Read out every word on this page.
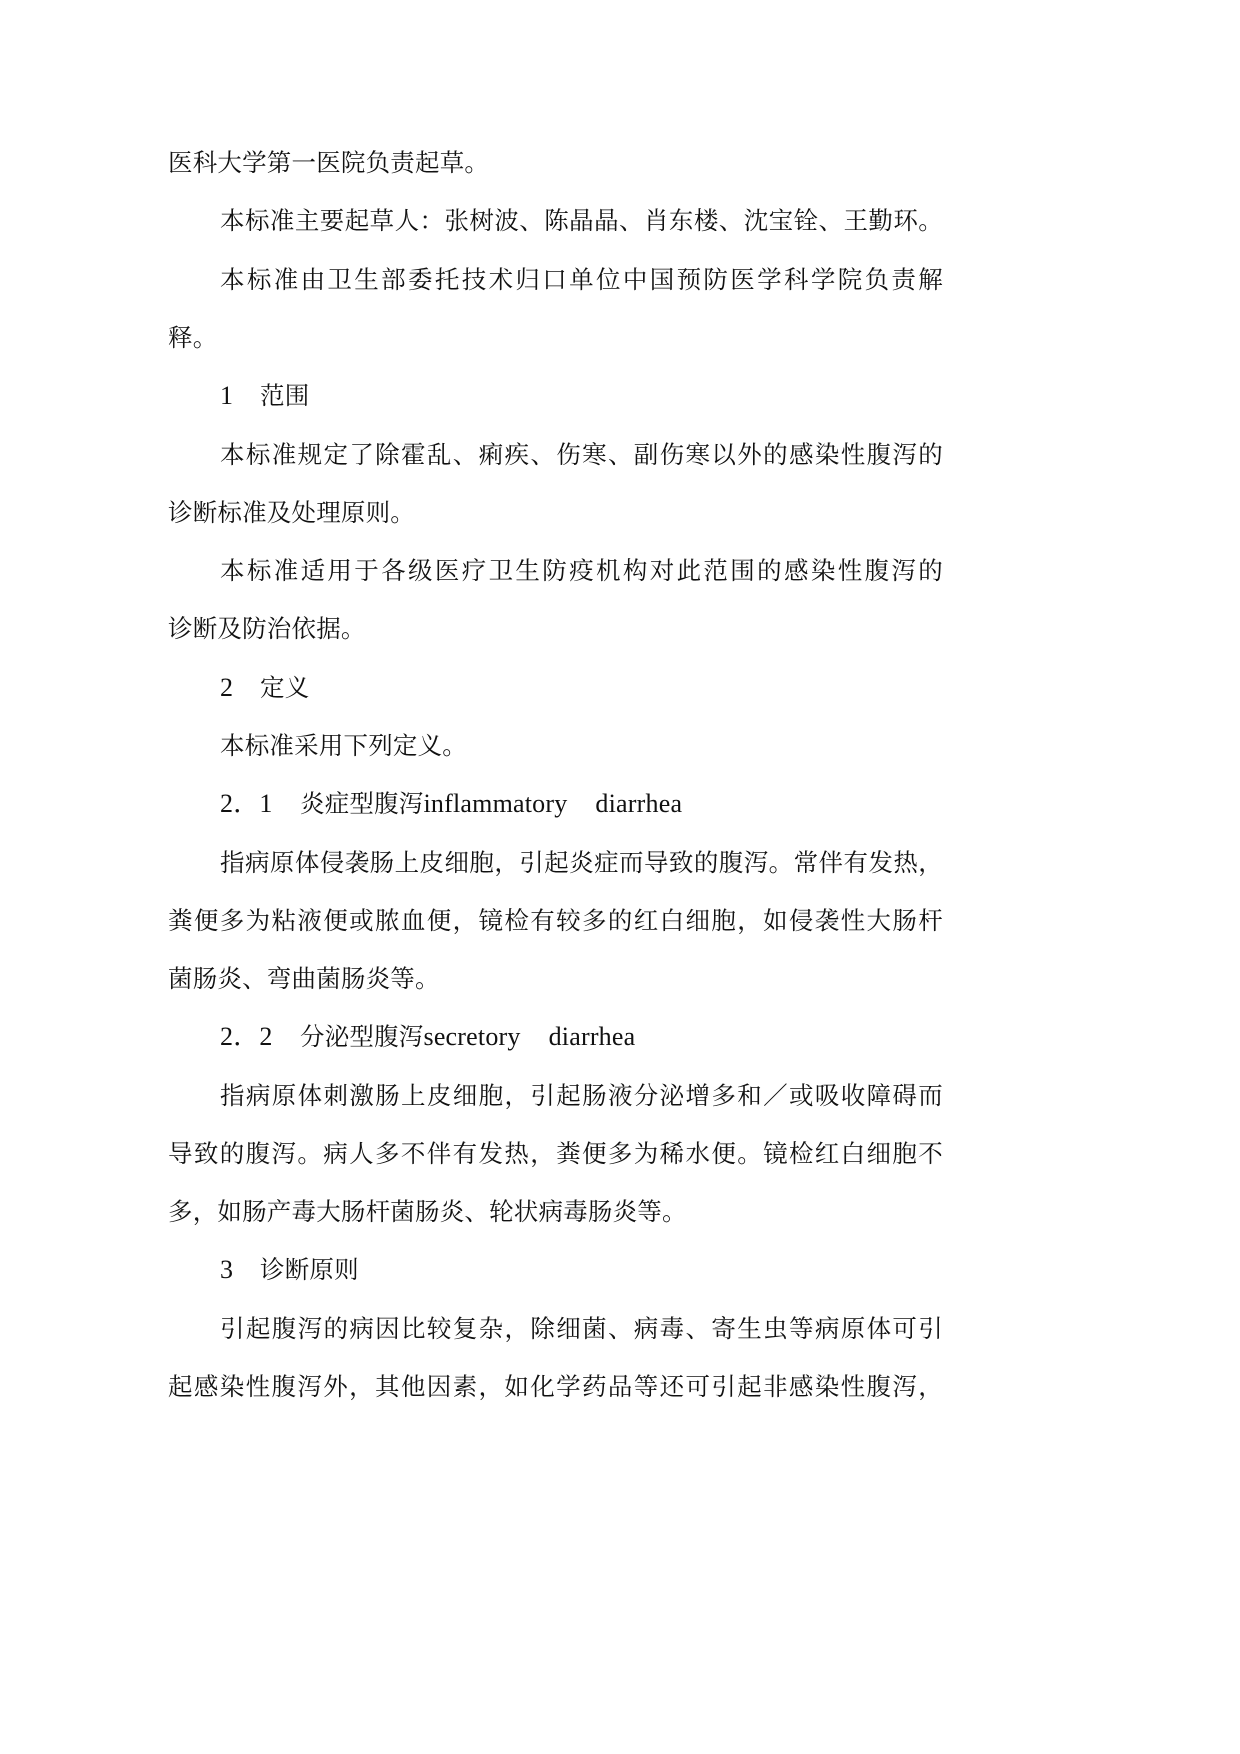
医科大学第一医院负责起草。
本标准主要起草人：张树波、陈晶晶、肖东楼、沈宝铨、王勤环。
本标准由卫生部委托技术归口单位中国预防医学科学院负责解
释。
1 范围
本标准规定了除霍乱、痢疾、伤寒、副伤寒以外的感染性腹泻的
诊断标准及处理原则。
本标准适用于各级医疗卫生防疫机构对此范围的感染性腹泻的
诊断及防治依据。
2 定义
本标准采用下列定义。
2．1 炎症型腹泻inflammatory diarrhea
指病原体侵袭肠上皮细胞，引起炎症而导致的腹泻。常伴有发热，
粪便多为粘液便或脓血便，镜检有较多的红白细胞，如侵袭性大肠杆
菌肠炎、弯曲菌肠炎等。
2．2 分泌型腹泻secretory diarrhea
指病原体刺激肠上皮细胞，引起肠液分泌增多和／或吸收障碍而
导致的腹泻。病人多不伴有发热，粪便多为稀水便。镜检红白细胞不
多，如肠产毒大肠杆菌肠炎、轮状病毒肠炎等。
3 诊断原则
引起腹泻的病因比较复杂，除细菌、病毒、寄生虫等病原体可引
起感染性腹泻外，其他因素，如化学药品等还可引起非感染性腹泻，
